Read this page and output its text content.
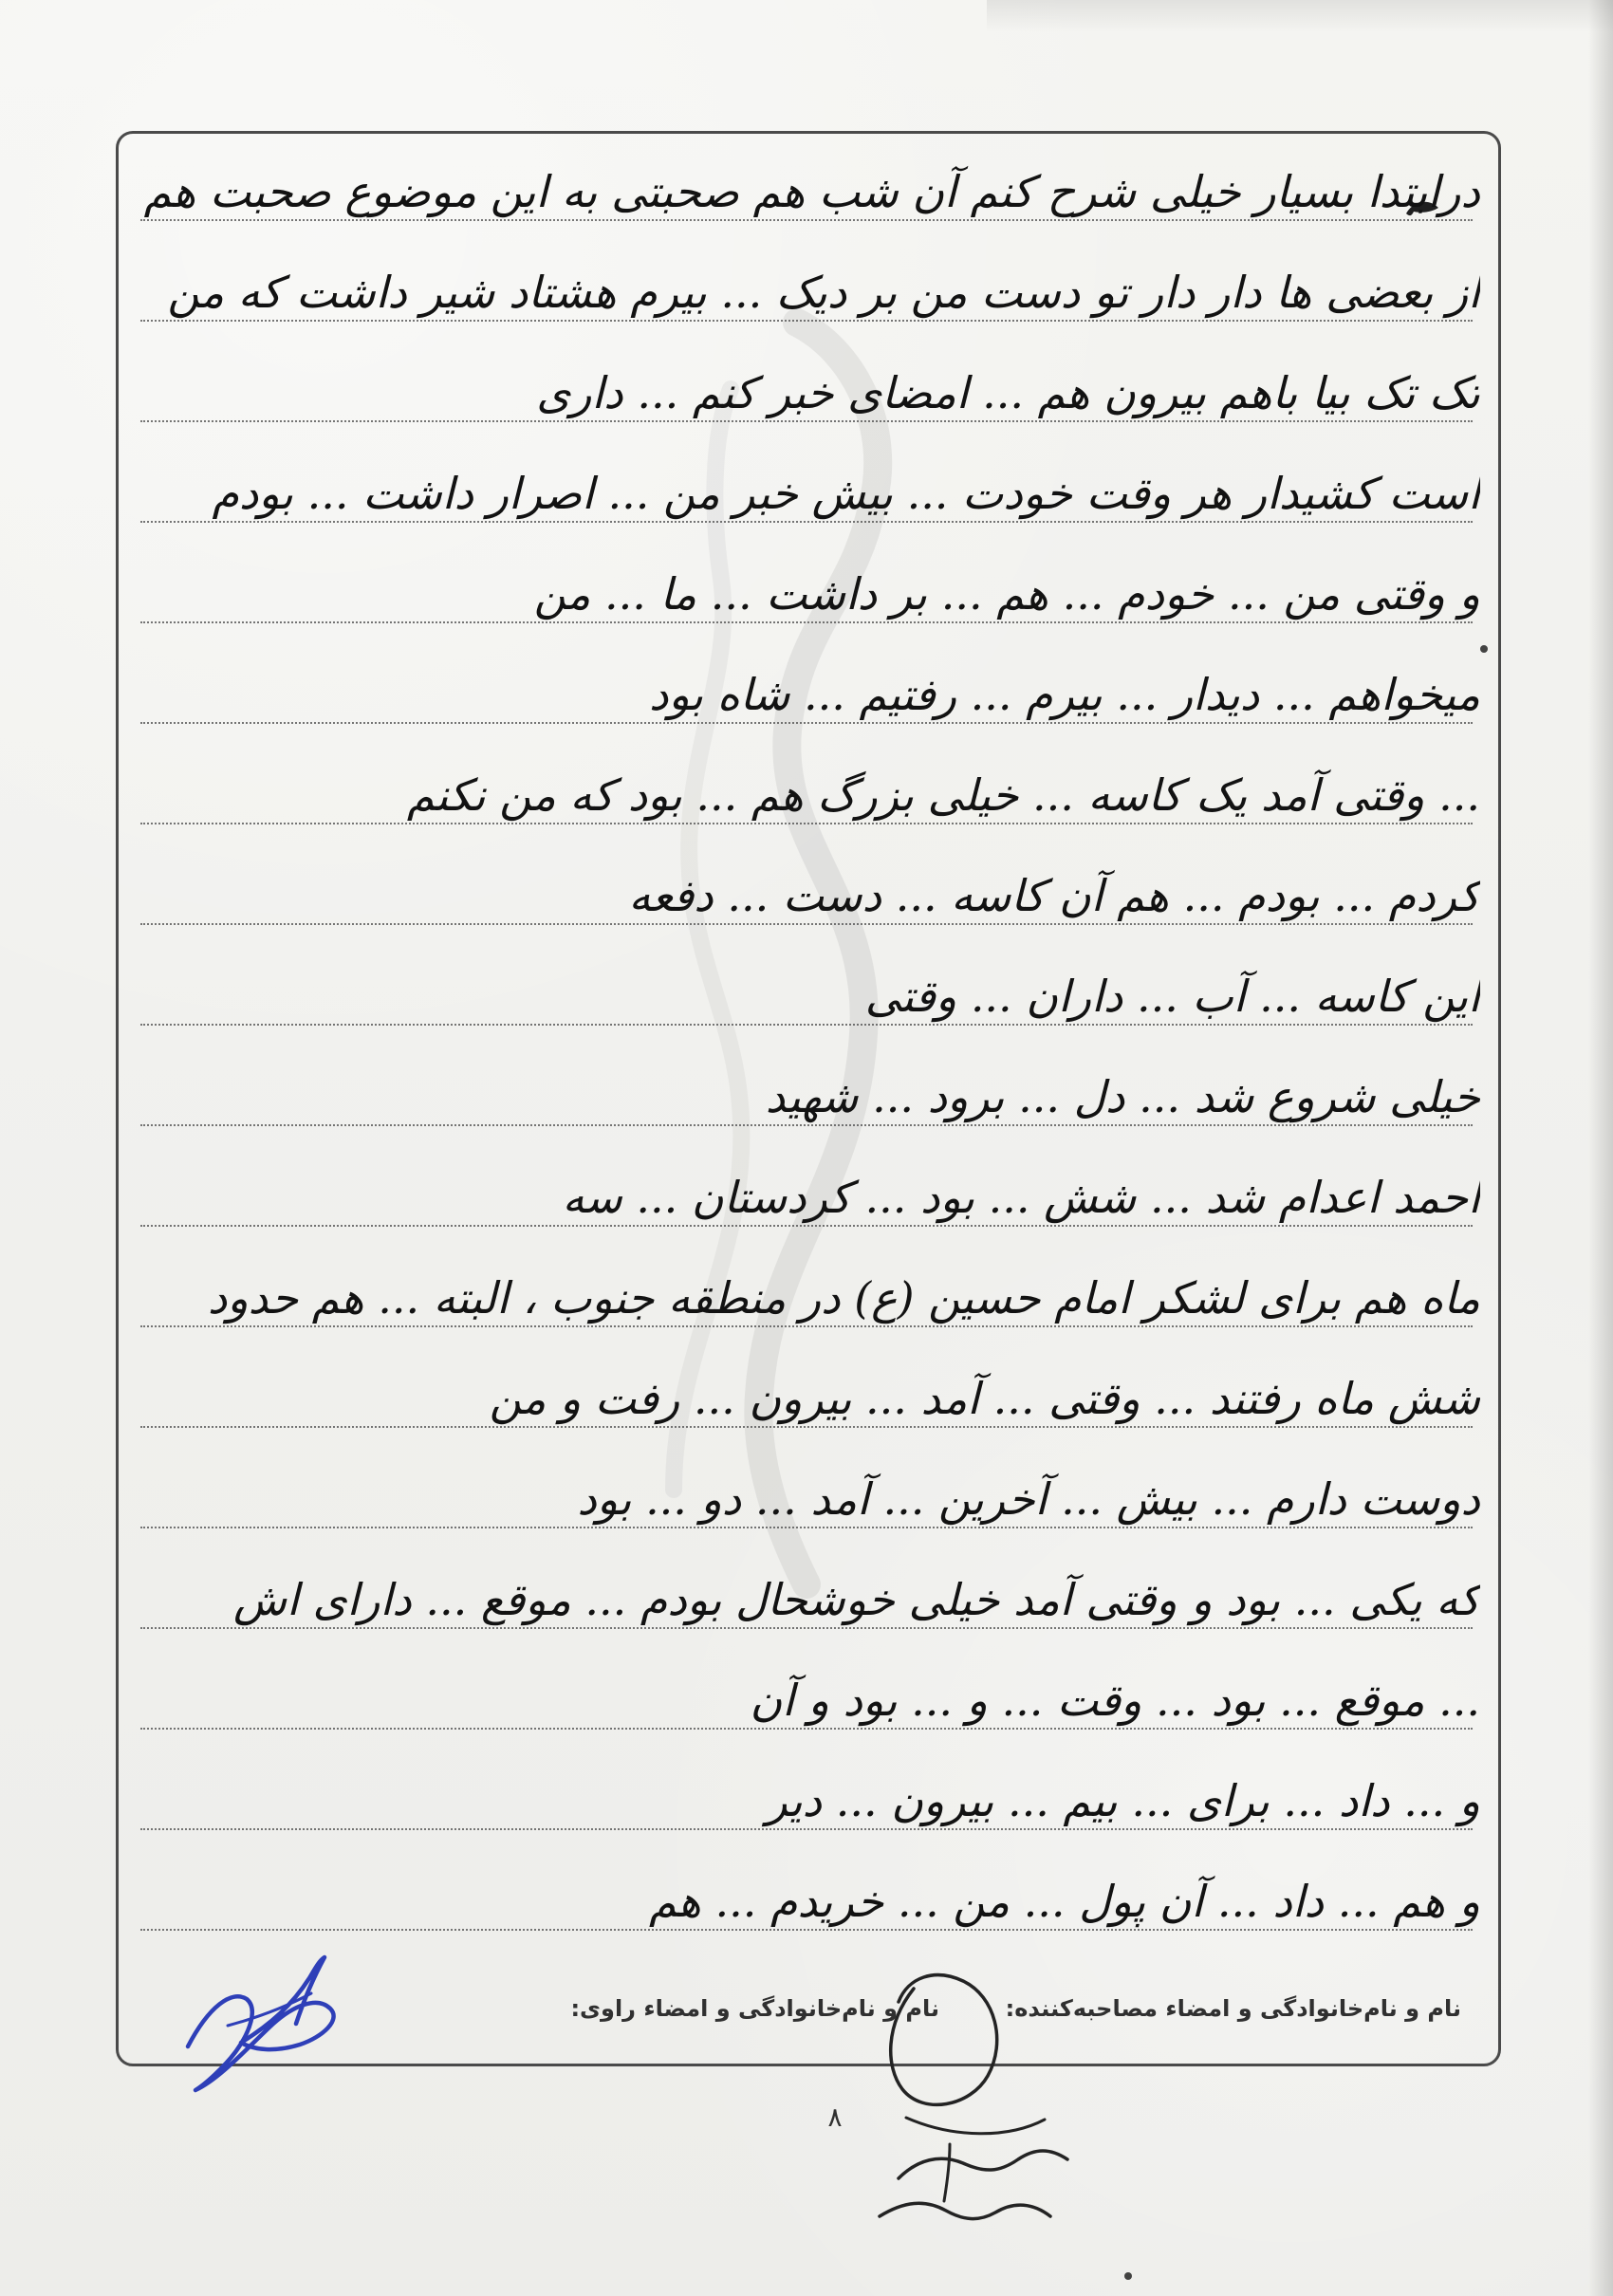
درابتدا بسیار خیلی شرح کنم آن شب هم صحبتی به این موضوع صحبت هم
از بعضی ها دار دار تو دست من بر دیک ... بیرم هشتاد شیر داشت که من
تک تک بیا باهم بیرون هم ... امضای خبر کنم ... داری
است کشیدار هر وقت خودت ... بیش خبر من ... اصرار داشت ... بودم
و وقتی من ... خودم ... هم ... بر داشت ... ما ... من
میخواهم ... دیدار ... بیرم ... رفتیم ... شاه بود
... وقتی آمد یک کاسه ... خیلی بزرگ هم ... بود که من نکنم
کردم ... بودم ... هم آن کاسه ... دست ... دفعه
این کاسه ... آب ... داران ... وقتی
خیلی شروع شد ... دل ... برود ... شهید
احمد اعدام شد ... شش ... بود ... کردستان ... سه
ماه هم برای لشکر امام حسین (ع) در منطقه جنوب ، البته ... هم حدود
شش ماه رفتند ... وقتی ... آمد ... بیرون ... رفت و من
دوست دارم ... بیش ... آخرین ... آمد ... دو ... بود
که یکی ... بود و وقتی آمد خیلی خوشحال بودم ... موقع ... دارای اش
... موقع ... بود ... وقت ... و ... بود و آن
و ... داد ... برای ... بیم ... بیرون ... دیر
و هم ... داد ... آن پول ... من ... خریدم ... هم
نام و نام‌خانوادگی و امضاء مصاحبه‌کننده:
نام و نام‌خانوادگی و امضاء راوی:
۸
